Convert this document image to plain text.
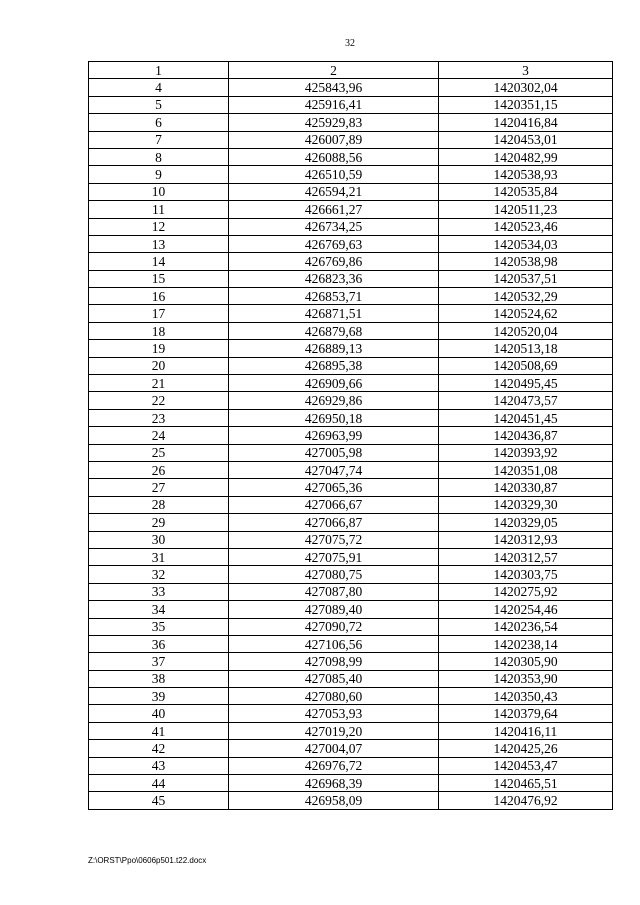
32
1	2	3
4	425843,96	1420302,04
5	425916,41	1420351,15
6	425929,83	1420416,84
7	426007,89	1420453,01
8	426088,56	1420482,99
9	426510,59	1420538,93
10	426594,21	1420535,84
11	426661,27	1420511,23
12	426734,25	1420523,46
13	426769,63	1420534,03
14	426769,86	1420538,98
15	426823,36	1420537,51
16	426853,71	1420532,29
17	426871,51	1420524,62
18	426879,68	1420520,04
19	426889,13	1420513,18
20	426895,38	1420508,69
21	426909,66	1420495,45
22	426929,86	1420473,57
23	426950,18	1420451,45
24	426963,99	1420436,87
25	427005,98	1420393,92
26	427047,74	1420351,08
27	427065,36	1420330,87
28	427066,67	1420329,30
29	427066,87	1420329,05
30	427075,72	1420312,93
31	427075,91	1420312,57
32	427080,75	1420303,75
33	427087,80	1420275,92
34	427089,40	1420254,46
35	427090,72	1420236,54
36	427106,56	1420238,14
37	427098,99	1420305,90
38	427085,40	1420353,90
39	427080,60	1420350,43
40	427053,93	1420379,64
41	427019,20	1420416,11
42	427004,07	1420425,26
43	426976,72	1420453,47
44	426968,39	1420465,51
45	426958,09	1420476,92
Z:\ORST\Ppo\0606p501.t22.docx
